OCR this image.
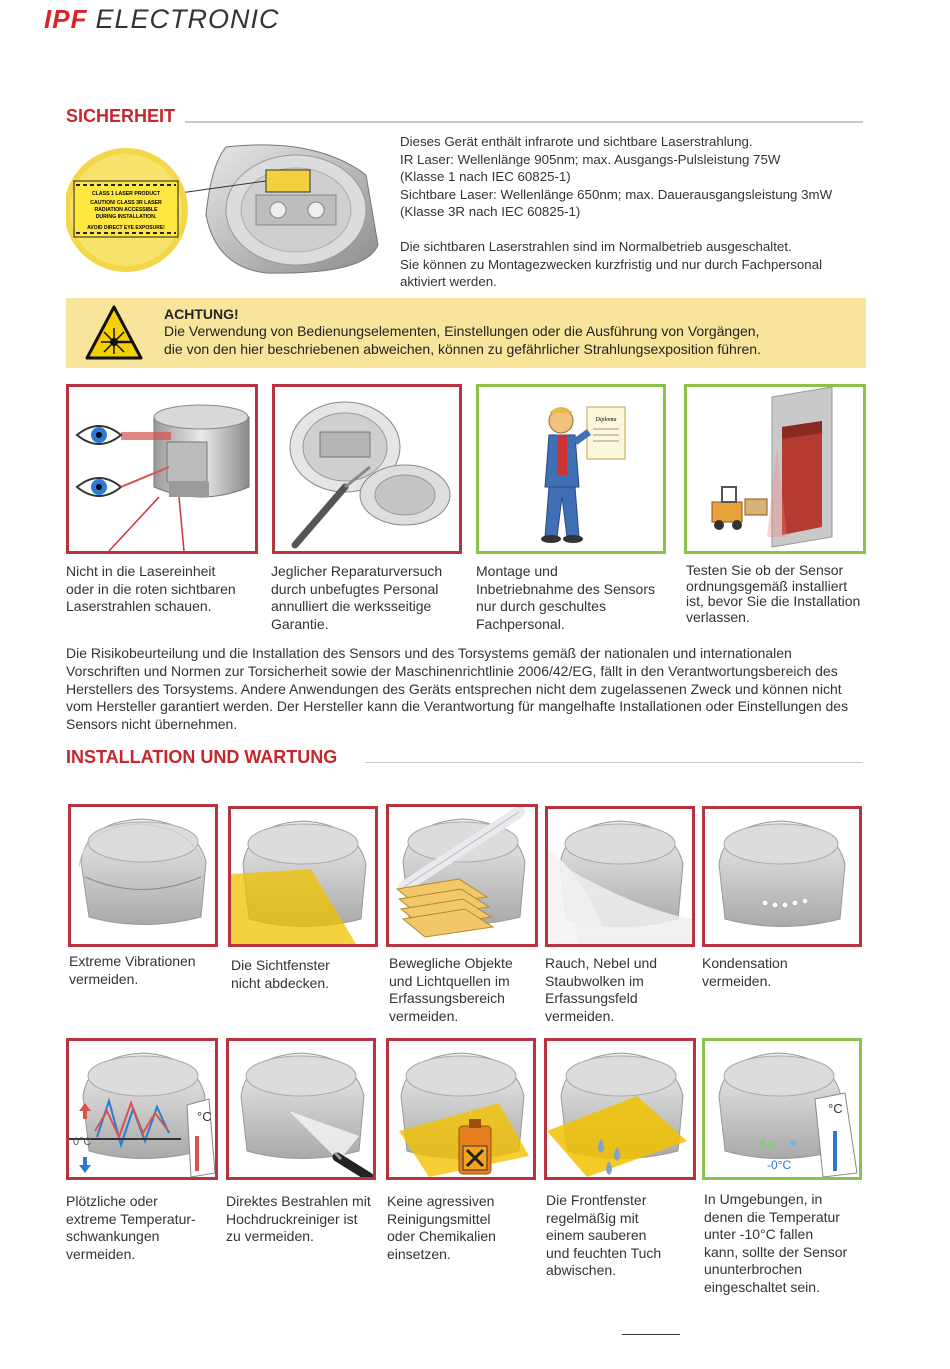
IPF ELECTRONIC
SICHERHEIT
CLASS 1 LASER PRODUCT
CAUTION! CLASS 3R LASER
RADIATION ACCESSIBLE
DURING INSTALLATION.
AVOID DIRECT EYE EXPOSURE!
Dieses Gerät enthält infrarote und sichtbare Laserstrahlung.
IR Laser: Wellenlänge 905nm; max. Ausgangs-Pulsleistung 75W
(Klasse 1 nach IEC 60825-1)
Sichtbare Laser: Wellenlänge 650nm; max. Dauerausgangsleistung 3mW
(Klasse 3R nach IEC 60825-1)
Die sichtbaren Laserstrahlen sind im Normalbetrieb ausgeschaltet.
Sie können zu Montagezwecken kurzfristig und nur durch Fachpersonal
aktiviert werden.
ACHTUNG!
Die Verwendung von Bedienungselementen, Einstellungen oder die Ausführung von Vorgängen,
die von den hier beschriebenen abweichen, können zu gefährlicher Strahlungsexposition führen.
Diploma
Nicht in die Lasereinheit
oder in die roten sichtbaren
Laserstrahlen schauen.
Jeglicher Reparaturversuch
durch unbefugtes Personal
annulliert die werksseitige
Garantie.
Montage und
Inbetriebnahme des Sensors
nur durch geschultes
Fachpersonal.
Testen Sie ob der Sensor
ordnungsgemäß installiert
ist, bevor Sie die Installation
verlassen.
Die Risikobeurteilung und die Installation des Sensors und des Torsystems gemäß der nationalen und internationalen
Vorschriften und Normen zur Torsicherheit sowie der Maschinenrichtlinie 2006/42/EG, fällt in den Verantwortungsbereich des
Herstellers des Torsystems. Andere Anwendungen des Geräts entsprechen nicht dem zugelassenen Zweck und können nicht
vom Hersteller garantiert werden. Der Hersteller kann die Verantwortung für mangelhafte Installationen oder Einstellungen des
Sensors nicht übernehmen.
INSTALLATION UND WARTUNG
Extreme Vibrationen
vermeiden.
Die Sichtfenster
nicht abdecken.
Bewegliche Objekte
und Lichtquellen im
Erfassungsbereich
vermeiden.
Rauch, Nebel und
Staubwolken im
Erfassungsfeld
vermeiden.
Kondensation
vermeiden.
0°C
°C
°C
-0°C
Plötzliche oder
extreme Temperatur-
schwankungen
vermeiden.
Direktes Bestrahlen mit
Hochdruckreiniger ist
zu vermeiden.
Keine agressiven
Reinigungsmittel
oder Chemikalien
einsetzen.
Die Frontfenster
regelmäßig mit
einem sauberen
und feuchten Tuch
abwischen.
In Umgebungen, in
denen die Temperatur
unter -10°C fallen
kann, sollte der Sensor
ununterbrochen
eingeschaltet sein.
